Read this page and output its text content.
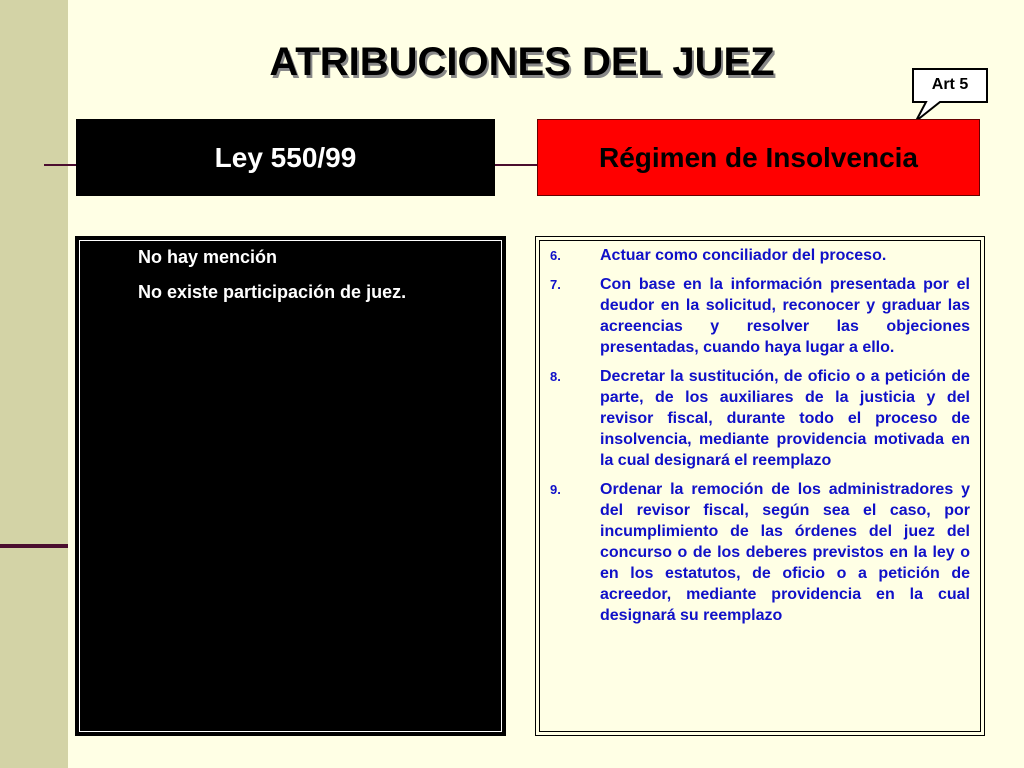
ATRIBUCIONES DEL JUEZ
Art 5
Ley 550/99	Régimen de Insolvencia
No hay mención
No existe participación de juez.
6.	Actuar como conciliador del proceso.
7.	Con base en la información presentada por el deudor en la solicitud, reconocer y graduar las acreencias y resolver las objeciones presentadas, cuando haya lugar a ello.
8.	Decretar la sustitución, de oficio o a petición de parte, de los auxiliares de la justicia y del revisor fiscal, durante todo el proceso de insolvencia, mediante providencia motivada en la cual designará el reemplazo
9.	Ordenar la remoción de los administradores y del revisor fiscal, según sea el caso, por incumplimiento de las órdenes del juez del concurso o de los deberes previstos en la ley o en los estatutos, de oficio o a petición de acreedor, mediante providencia en la cual designará su reemplazo
